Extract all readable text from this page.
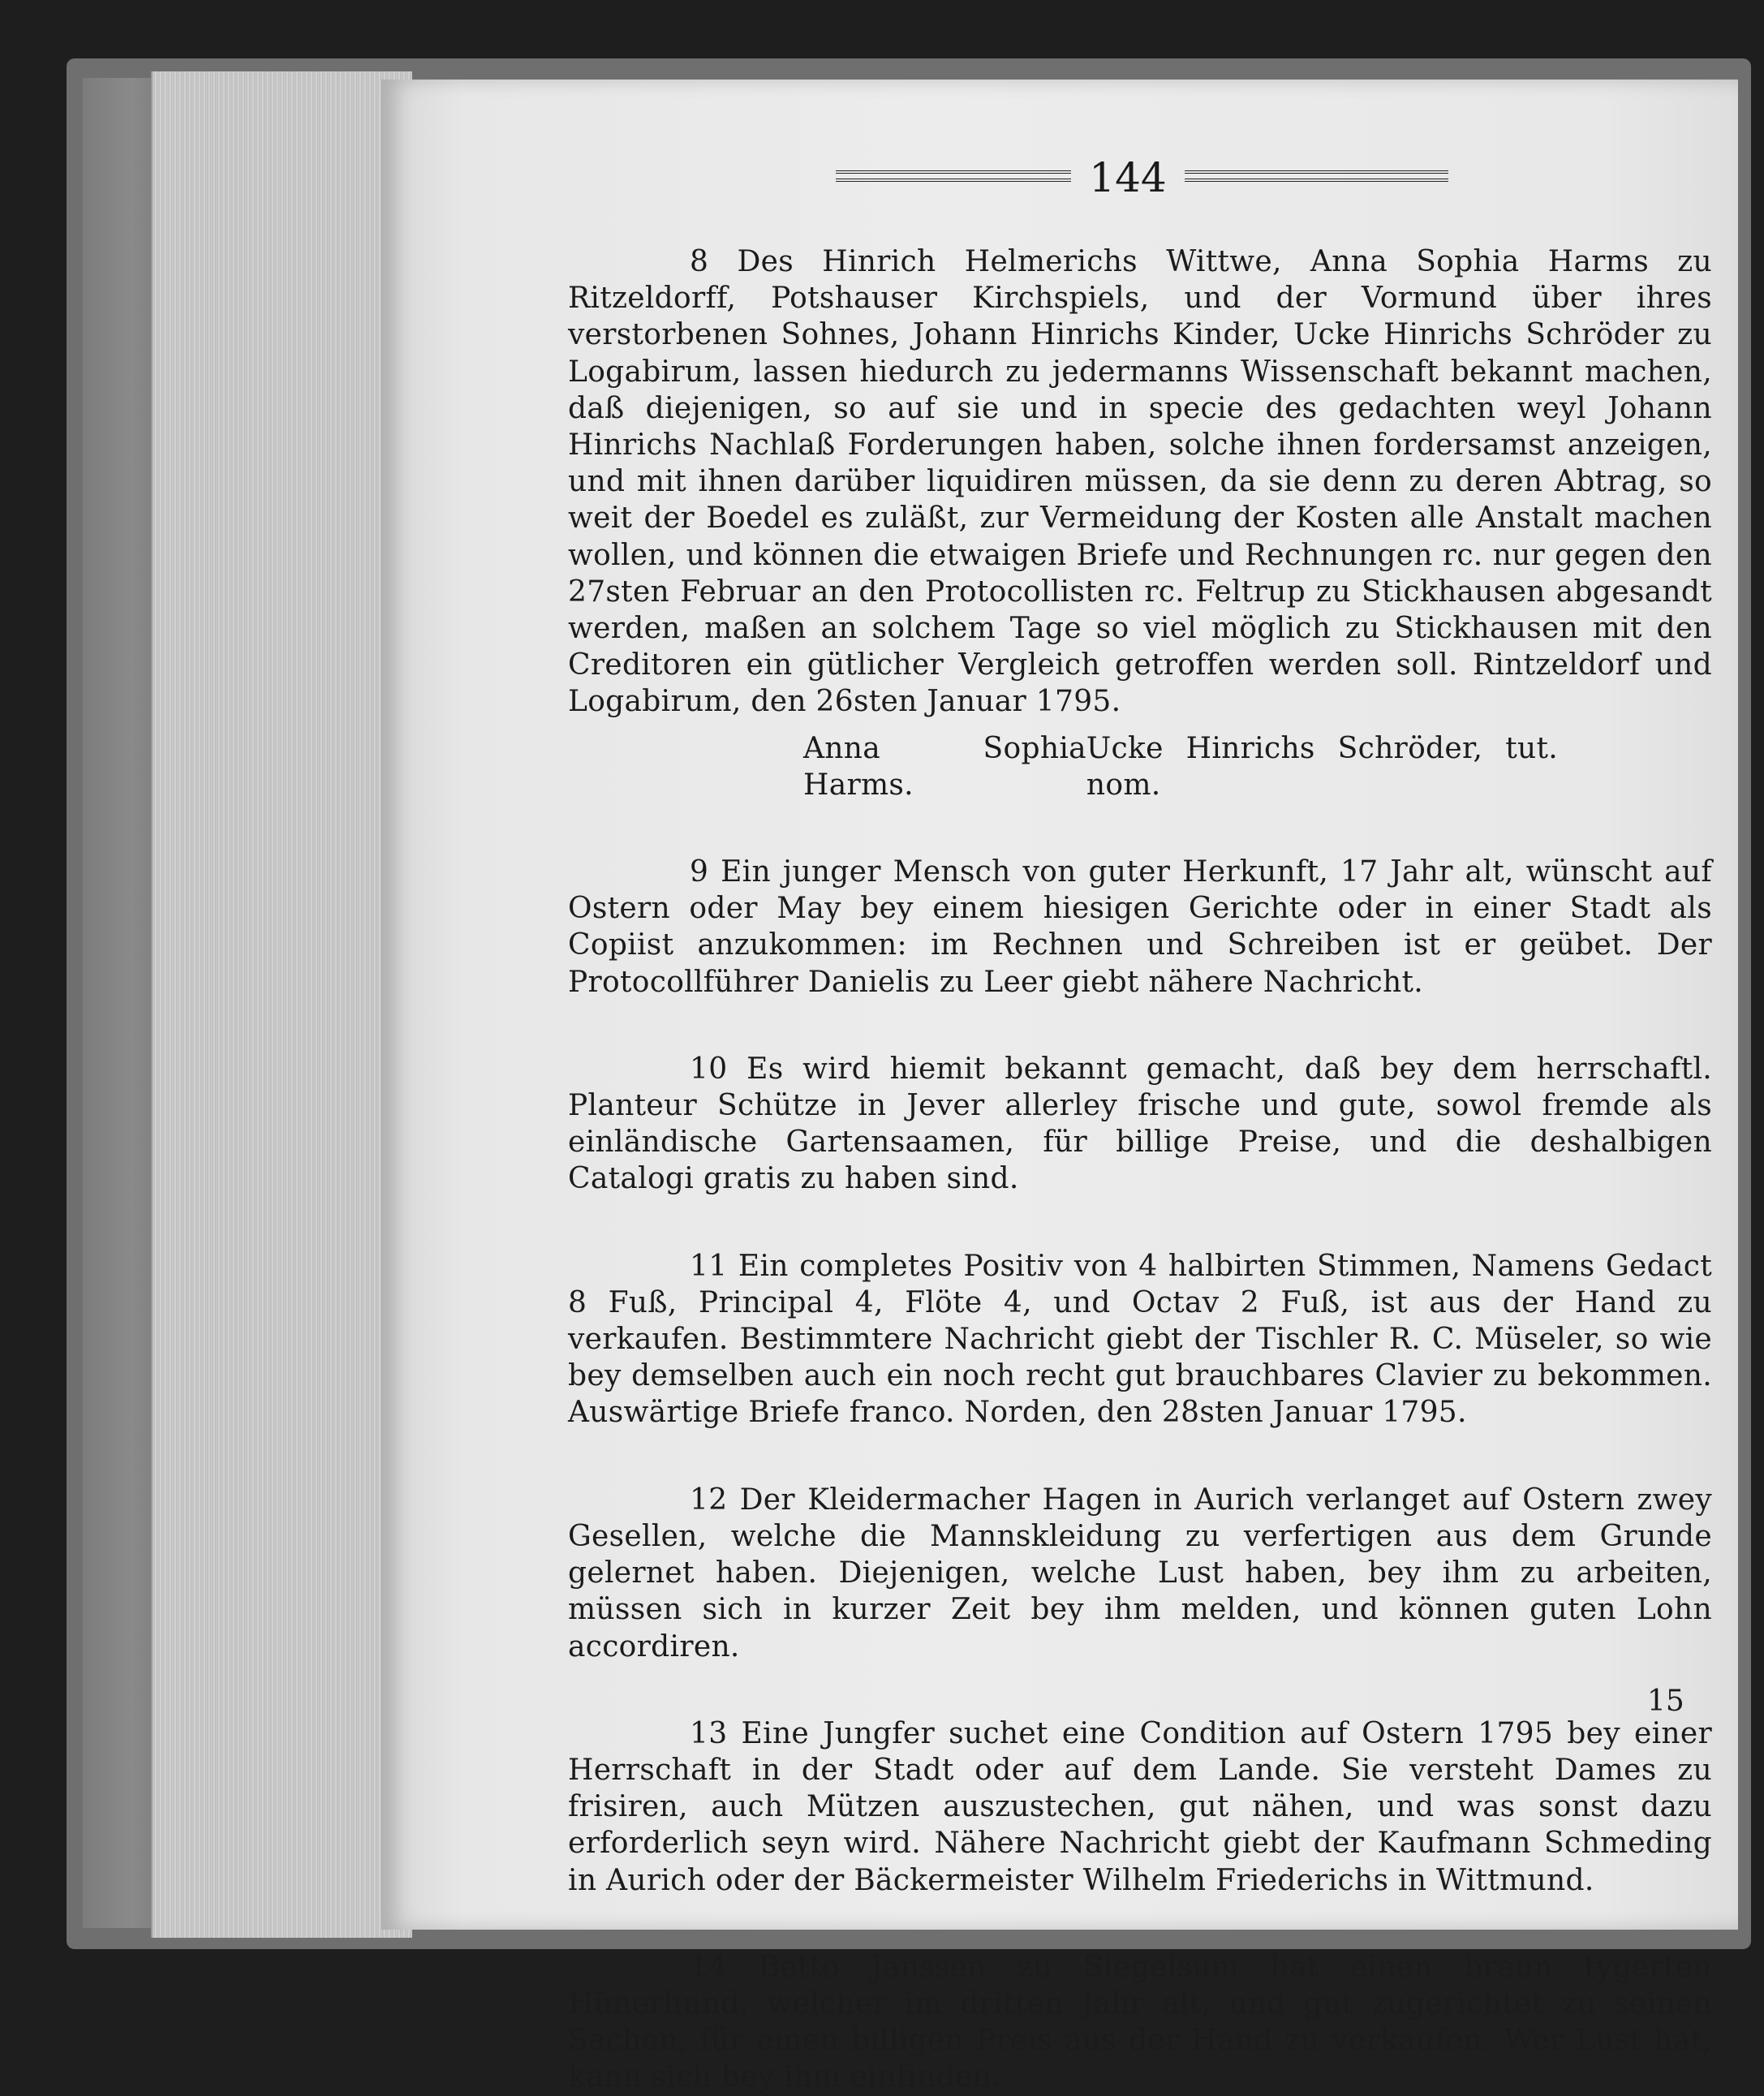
144

8 Des Hinrich Helmerichs Wittwe, Anna Sophia Harms zu Ritzeldorff, Potshauser Kirchspiels, und der Vormund über ihres verstorbenen Sohnes, Johann Hinrichs Kinder, Ucke Hinrichs Schröder zu Logabirum, lassen hiedurch zu jedermanns Wissenschaft bekannt machen, daß diejenigen, so auf sie und in specie des gedachten weyl Johann Hinrichs Nachlaß Forderungen haben, solche ihnen fordersamst anzeigen, und mit ihnen darüber liquidiren müssen, da sie denn zu deren Abtrag, so weit der Boedel es zuläßt, zur Vermeidung der Kosten alle Anstalt machen wollen, und können die etwaigen Briefe und Rechnungen rc. nur gegen den 27sten Februar an den Protocollisten rc. Feltrup zu Stickhausen abgesandt werden, maßen an solchem Tage so viel möglich zu Stickhausen mit den Creditoren ein gütlicher Vergleich getroffen werden soll. Rintzeldorf und Logabirum, den 26sten Januar 1795.

Anna Sophia Harms.
Ucke Hinrichs Schröder, tut. nom.

9 Ein junger Mensch von guter Herkunft, 17 Jahr alt, wünscht auf Ostern oder May bey einem hiesigen Gerichte oder in einer Stadt als Copiist anzukommen: im Rechnen und Schreiben ist er geübet. Der Protocollführer Danielis zu Leer giebt nähere Nachricht.

10 Es wird hiemit bekannt gemacht, daß bey dem herrschaftl. Planteur Schütze in Jever allerley frische und gute, sowol fremde als einländische Gartensaamen, für billige Preise, und die deshalbigen Catalogi gratis zu haben sind.

11 Ein completes Positiv von 4 halbirten Stimmen, Namens Gedact 8 Fuß, Principal 4, Flöte 4, und Octav 2 Fuß, ist aus der Hand zu verkaufen. Bestimmtere Nachricht giebt der Tischler R. C. Müseler, so wie bey demselben auch ein noch recht gut brauchbares Clavier zu bekommen. Auswärtige Briefe franco. Norden, den 28sten Januar 1795.

12 Der Kleidermacher Hagen in Aurich verlanget auf Ostern zwey Gesellen, welche die Mannskleidung zu verfertigen aus dem Grunde gelernet haben. Diejenigen, welche Lust haben, bey ihm zu arbeiten, müssen sich in kurzer Zeit bey ihm melden, und können guten Lohn accordiren.

13 Eine Jungfer suchet eine Condition auf Ostern 1795 bey einer Herrschaft in der Stadt oder auf dem Lande. Sie versteht Dames zu frisiren, auch Mützen auszustechen, gut nähen, und was sonst dazu erforderlich seyn wird. Nähere Nachricht giebt der Kaufmann Schmeding in Aurich oder der Bäckermeister Wilhelm Friederichs in Wittmund.

14 Betto Janssen zu Siegelsum hat einen braun tygerten Hünerhund, welcher im dritten Jahr alt, und gut zugerichtet zu seinen Sachen, für einen billigen Preis aus der Hand zu verkaufen. Wer Lust hat, kann sich bey ihm einfinden.

15
